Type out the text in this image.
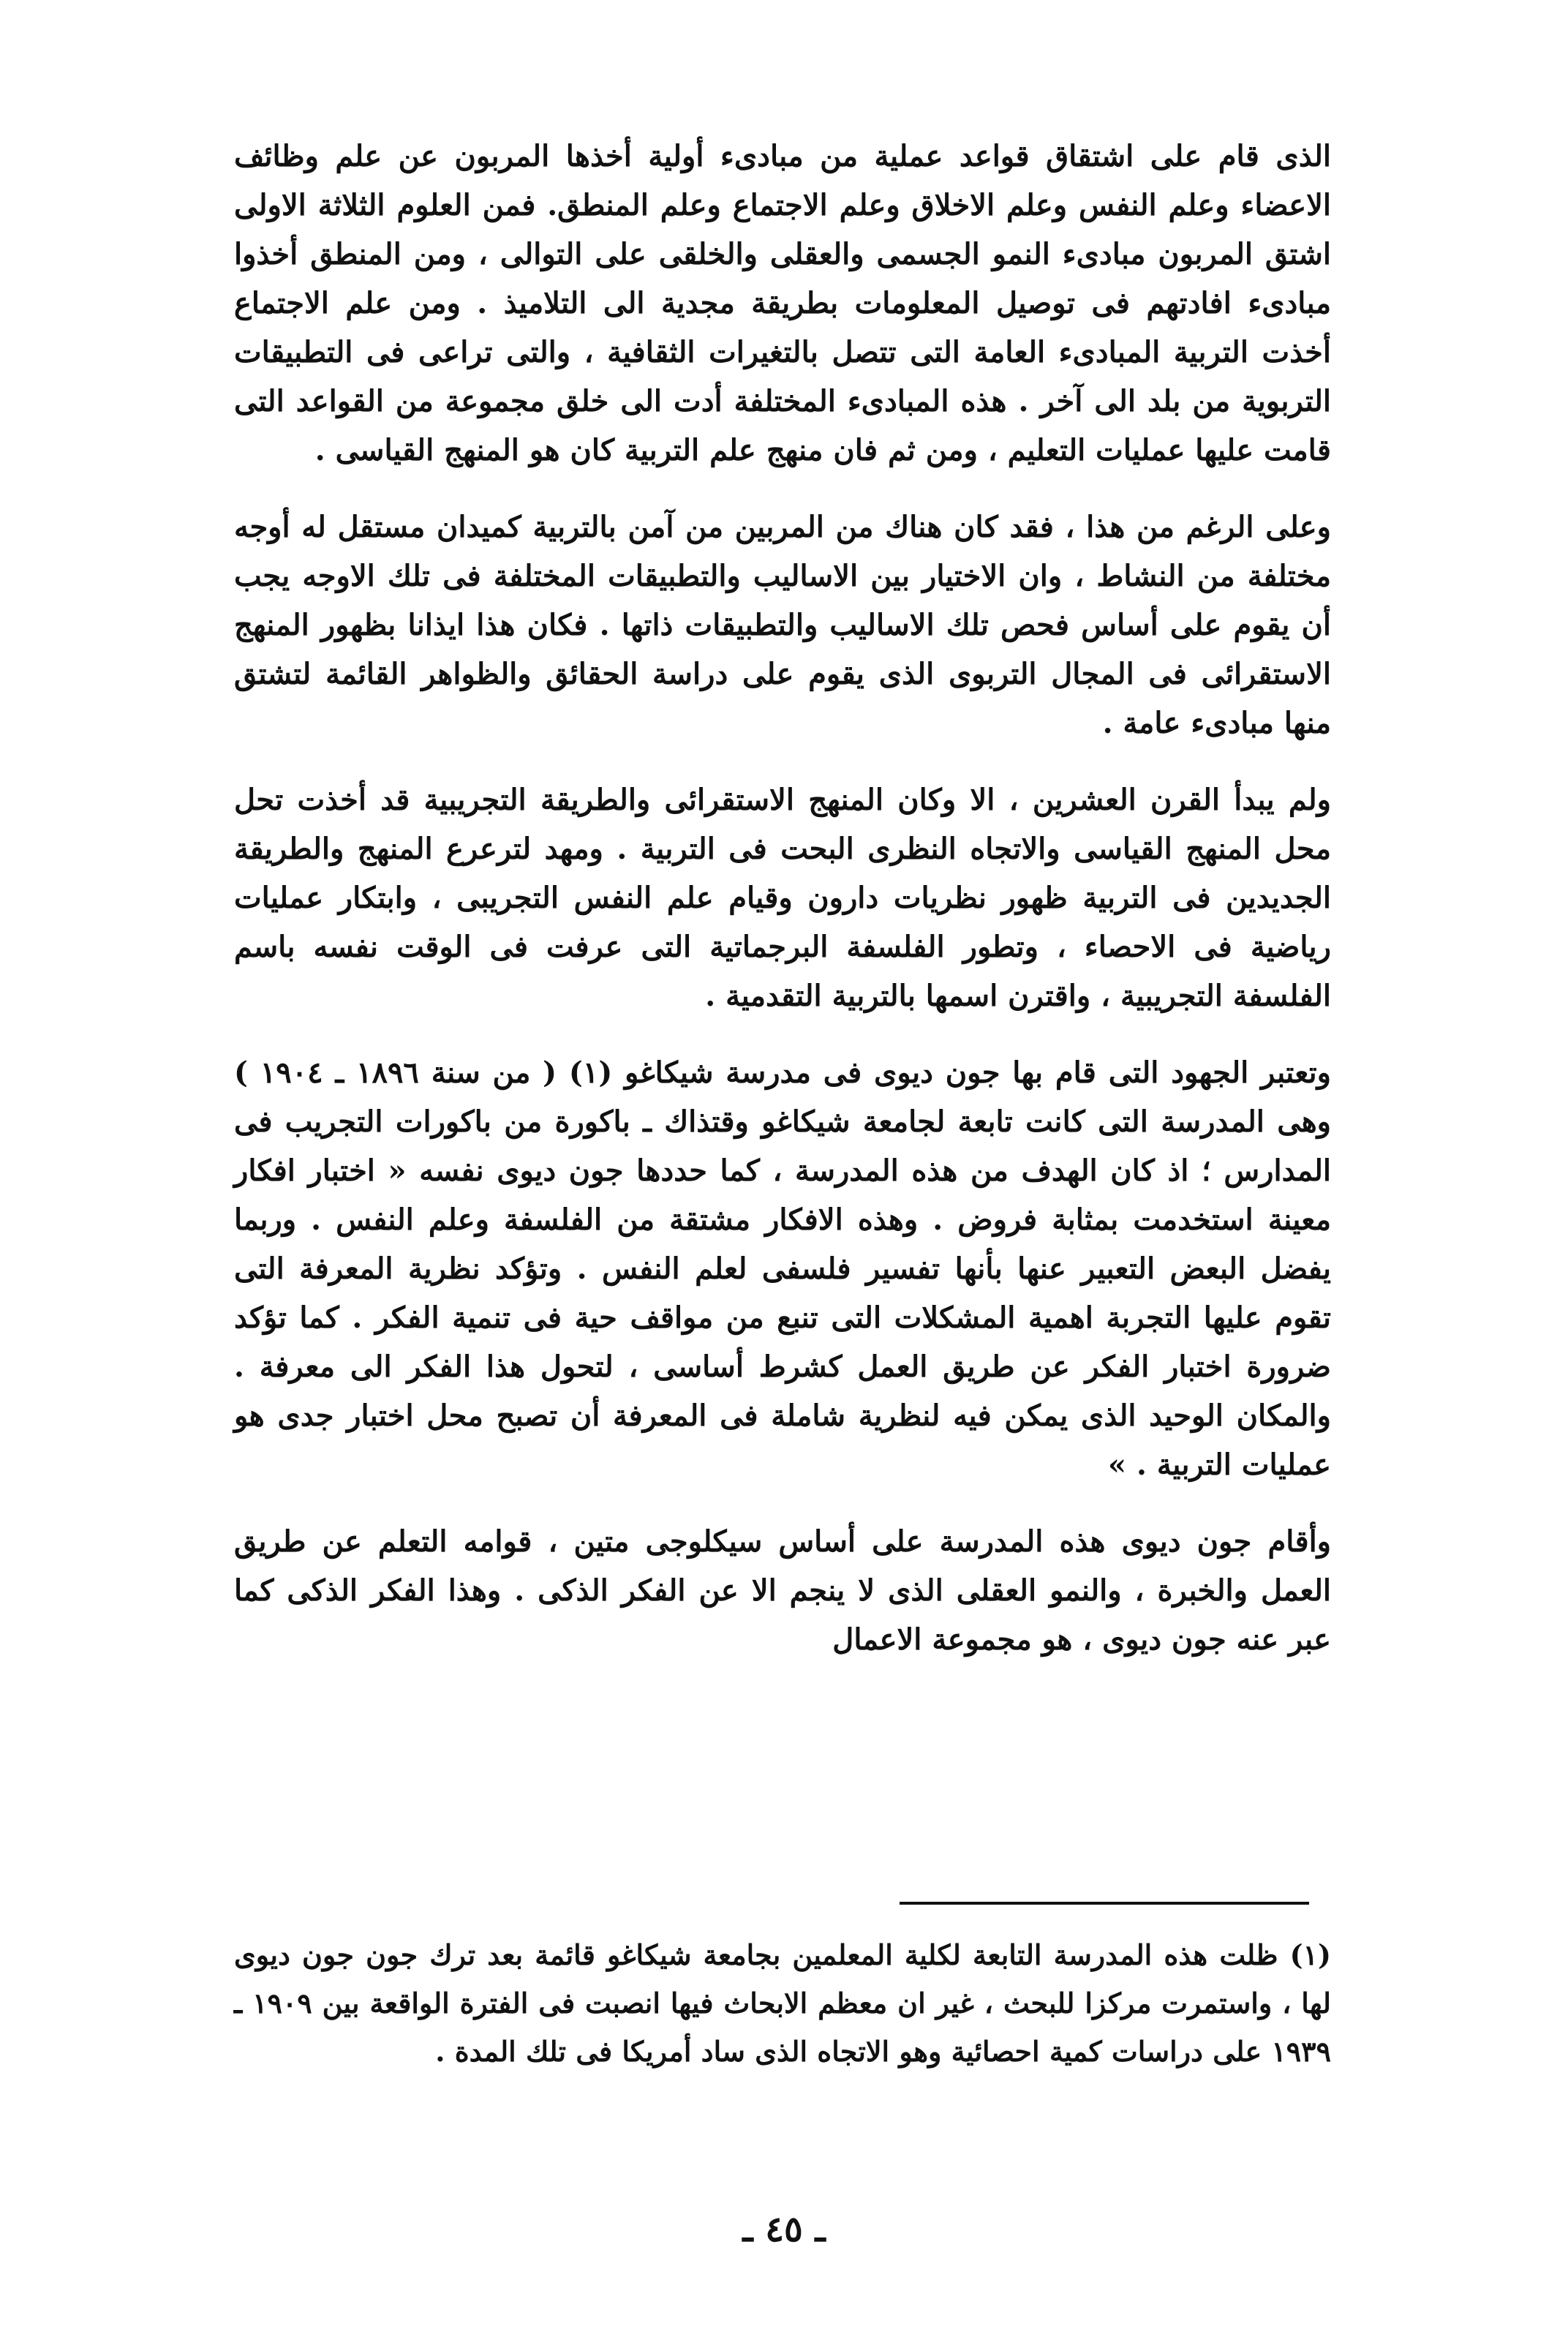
الذى قام على اشتقاق قواعد عملية من مبادىء أولية أخذها المربون عن علم وظائف الاعضاء وعلم النفس وعلم الاخلاق وعلم الاجتماع وعلم المنطق. فمن العلوم الثلاثة الاولى اشتق المربون مبادىء النمو الجسمى والعقلى والخلقى على التوالى ، ومن المنطق أخذوا مبادىء افادتهم فى توصيل المعلومات بطريقة مجدية الى التلاميذ . ومن علم الاجتماع أخذت التربية المبادىء العامة التى تتصل بالتغيرات الثقافية ، والتى تراعى فى التطبيقات التربوية من بلد الى آخر . هذه المبادىء المختلفة أدت الى خلق مجموعة من القواعد التى قامت عليها عمليات التعليم ، ومن ثم فان منهج علم التربية كان هو المنهج القياسى .

وعلى الرغم من هذا ، فقد كان هناك من المربين من آمن بالتربية كميدان مستقل له أوجه مختلفة من النشاط ، وان الاختيار بين الاساليب والتطبيقات المختلفة فى تلك الاوجه يجب أن يقوم على أساس فحص تلك الاساليب والتطبيقات ذاتها . فكان هذا ايذانا بظهور المنهج الاستقرائى فى المجال التربوى الذى يقوم على دراسة الحقائق والظواهر القائمة لتشتق منها مبادىء عامة .

ولم يبدأ القرن العشرين ، الا وكان المنهج الاستقرائى والطريقة التجريبية قد أخذت تحل محل المنهج القياسى والاتجاه النظرى البحت فى التربية . ومهد لترعرع المنهج والطريقة الجديدين فى التربية ظهور نظريات دارون وقيام علم النفس التجريبى ، وابتكار عمليات رياضية فى الاحصاء ، وتطور الفلسفة البرجماتية التى عرفت فى الوقت نفسه باسم الفلسفة التجريبية ، واقترن اسمها بالتربية التقدمية .

وتعتبر الجهود التى قام بها جون ديوى فى مدرسة شيكاغو (١) ( من سنة ١٨٩٦ ـ ١٩٠٤ ) وهى المدرسة التى كانت تابعة لجامعة شيكاغو وقتذاك ـ باكورة من باكورات التجريب فى المدارس ؛ اذ كان الهدف من هذه المدرسة ، كما حددها جون ديوى نفسه « اختبار افكار معينة استخدمت بمثابة فروض . وهذه الافكار مشتقة من الفلسفة وعلم النفس . وربما يفضل البعض التعبير عنها بأنها تفسير فلسفى لعلم النفس . وتؤكد نظرية المعرفة التى تقوم عليها التجربة اهمية المشكلات التى تنبع من مواقف حية فى تنمية الفكر . كما تؤكد ضرورة اختبار الفكر عن طريق العمل كشرط أساسى ، لتحول هذا الفكر الى معرفة . والمكان الوحيد الذى يمكن فيه لنظرية شاملة فى المعرفة أن تصبح محل اختبار جدى هو عمليات التربية . »

وأقام جون ديوى هذه المدرسة على أساس سيكلوجى متين ، قوامه التعلم عن طريق العمل والخبرة ، والنمو العقلى الذى لا ينجم الا عن الفكر الذكى . وهذا الفكر الذكى كما عبر عنه جون ديوى ، هو مجموعة الاعمال

(١) ظلت هذه المدرسة التابعة لكلية المعلمين بجامعة شيكاغو قائمة بعد ترك جون جون ديوى لها ، واستمرت مركزا للبحث ، غير ان معظم الابحاث فيها انصبت فى الفترة الواقعة بين ١٩٠٩ ـ ١٩٣٩ على دراسات كمية احصائية وهو الاتجاه الذى ساد أمريكا فى تلك المدة .

ـ ٤٥ ـ
